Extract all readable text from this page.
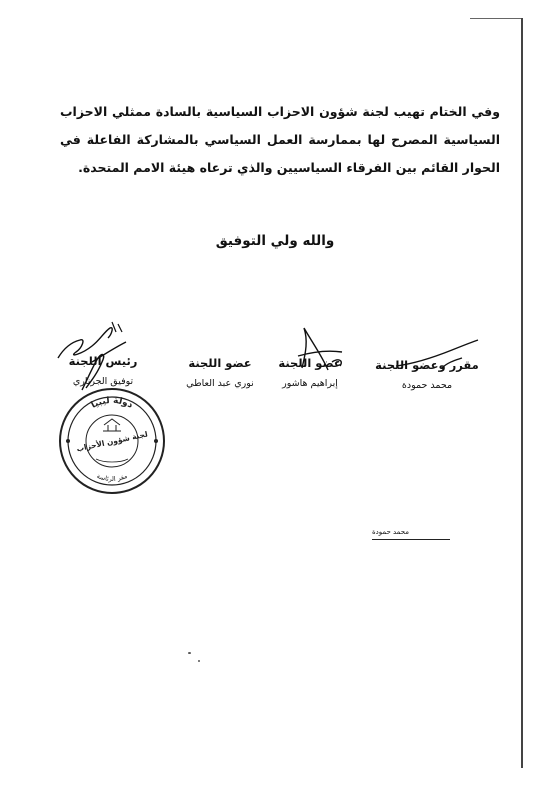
وفي الختام تهيب لجنة شؤون الاحزاب السياسية بالسادة ممثلي الاحزاب السياسية المصرح لها بممارسة العمل السياسي بالمشاركة الفاعلة في الحوار القائم بين الفرقاء السياسيين والذي ترعاه هيئة الامم المتحدة.
والله ولي التوفيق
مقرر وعضو اللجنة
محمد حمودة
عضو اللجنة
إبراهيم هاشور
عضو اللجنة
نوري عبد العاطي
رئيس اللجنة
توفيق الجرناري
دولة ليبيا
مقر الرئاسة
لجنة شؤون الأحزاب
محمد حمودة
